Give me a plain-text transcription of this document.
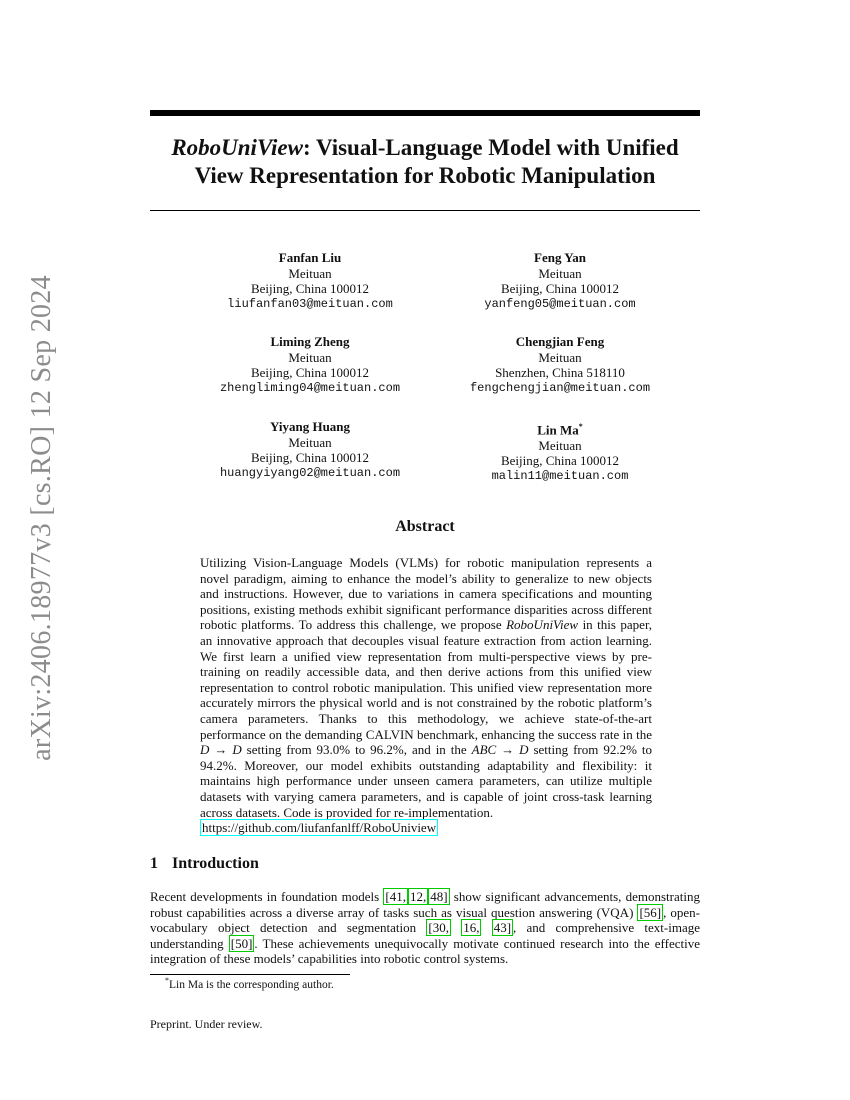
arXiv:2406.18977v3 [cs.RO] 12 Sep 2024
RoboUniView: Visual-Language Model with Unified
View Representation for Robotic Manipulation
Fanfan Liu
Meituan
Beijing, China 100012
liufanfan03@meituan.com
Feng Yan
Meituan
Beijing, China 100012
yanfeng05@meituan.com
Liming Zheng
Meituan
Beijing, China 100012
zhengliming04@meituan.com
Chengjian Feng
Meituan
Shenzhen, China 518110
fengchengjian@meituan.com
Yiyang Huang
Meituan
Beijing, China 100012
huangyiyang02@meituan.com
Lin Ma*
Meituan
Beijing, China 100012
malin11@meituan.com
Abstract
Utilizing Vision-Language Models (VLMs) for robotic manipulation represents a novel paradigm, aiming to enhance the model’s ability to generalize to new objects and instructions. However, due to variations in camera specifications and mounting positions, existing methods exhibit significant performance disparities across different robotic platforms. To address this challenge, we propose RoboUniView in this paper, an innovative approach that decouples visual feature extraction from action learning. We first learn a unified view representation from multi-perspective views by pre-training on readily accessible data, and then derive actions from this unified view representation to control robotic manipulation. This unified view representation more accurately mirrors the physical world and is not constrained by the robotic platform’s camera parameters. Thanks to this methodology, we achieve state-of-the-art performance on the demanding CALVIN benchmark, enhancing the success rate in the D → D setting from 93.0% to 96.2%, and in the ABC → D setting from 92.2% to 94.2%. Moreover, our model exhibits outstanding adaptability and flexibility: it maintains high performance under unseen camera parameters, can utilize multiple datasets with varying camera parameters, and is capable of joint cross-task learning across datasets. Code is provided for re-implementation.
https://github.com/liufanfanlff/RoboUniview
1 Introduction
Recent developments in foundation models [41, 12, 48] show significant advancements, demonstrating robust capabilities across a diverse array of tasks such as visual question answering (VQA) [56] , open-vocabulary object detection and segmentation [30, 16, 43] , and comprehensive text-image understanding [50] . These achievements unequivocally motivate continued research into the effective integration of these models’ capabilities into robotic control systems.
*Lin Ma is the corresponding author.
Preprint. Under review.
